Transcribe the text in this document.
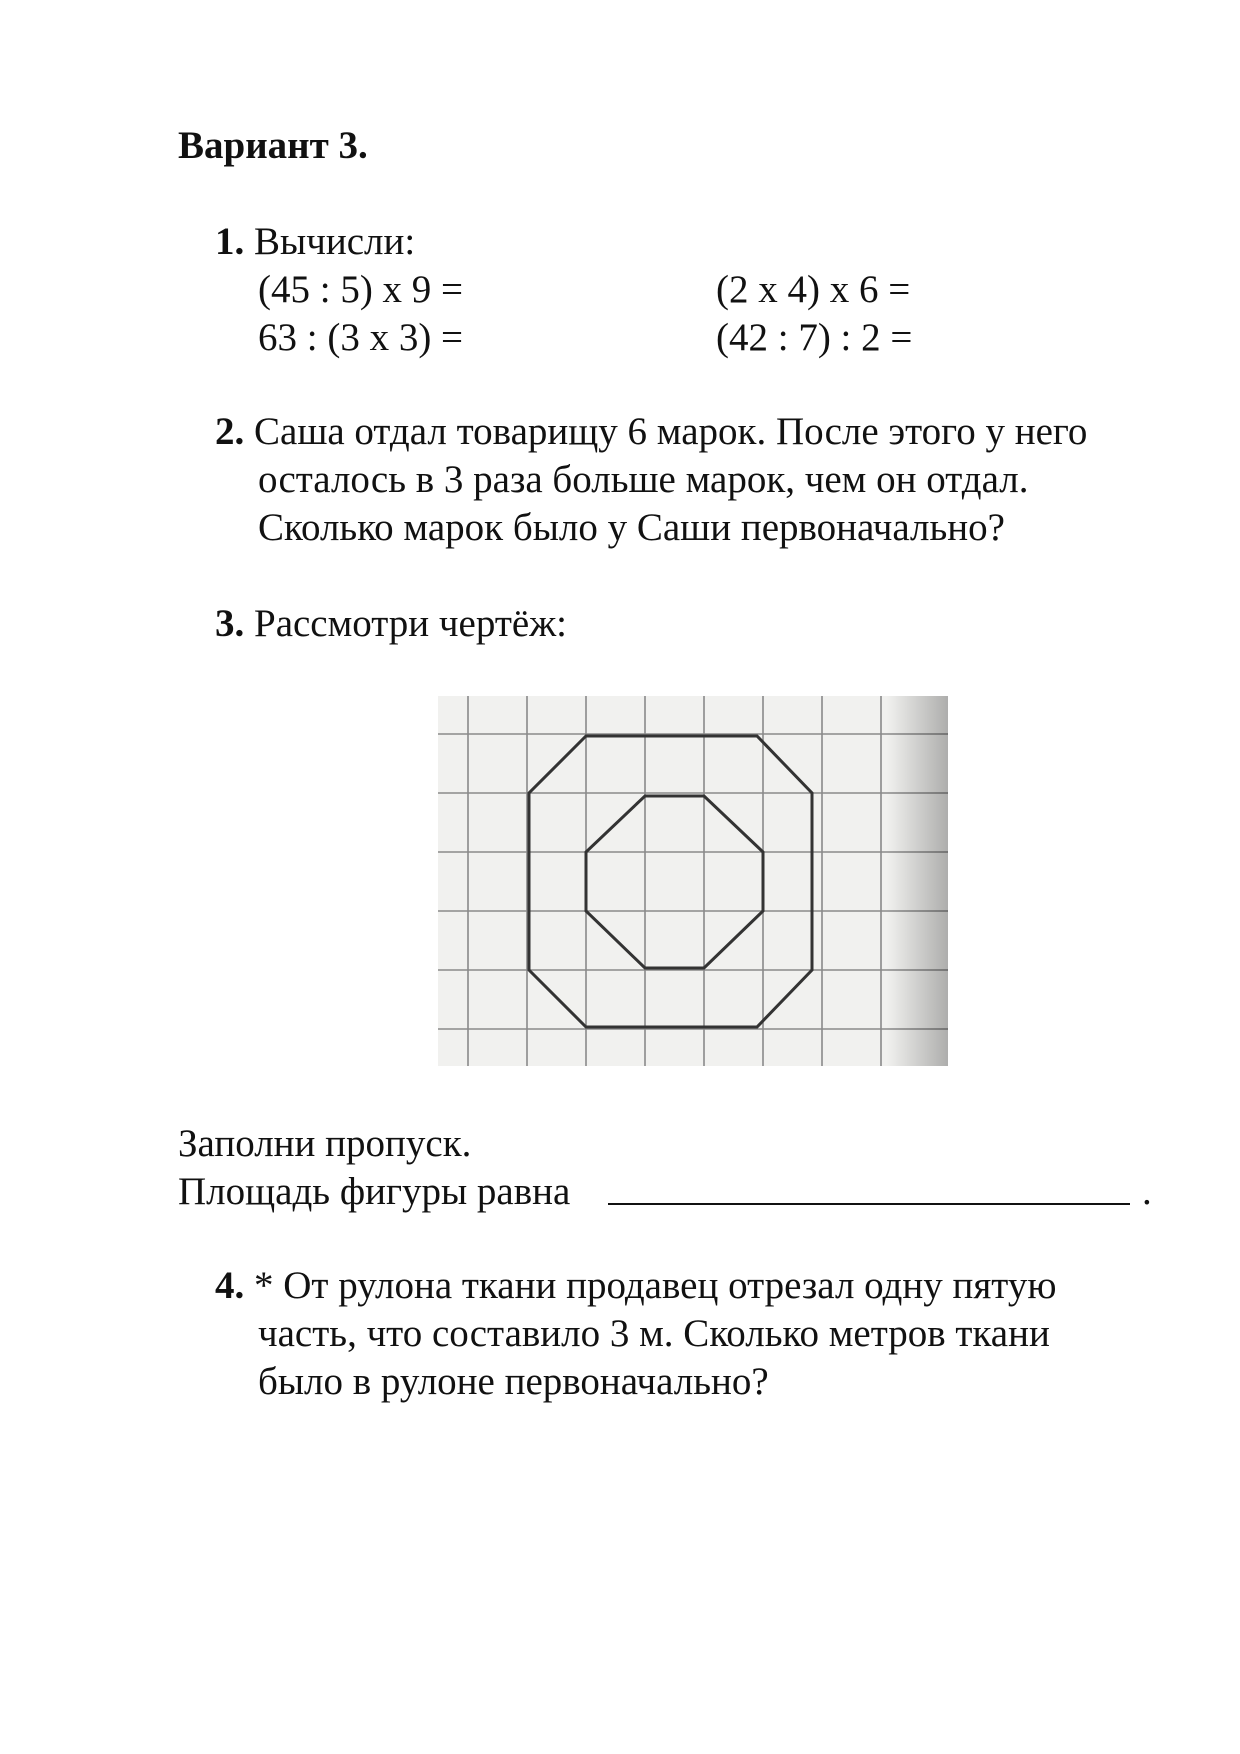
Вариант 3.
1. Вычисли:
(45 : 5) x 9 =	(2 x 4) x 6 =
63 : (3 x 3) =	(42 : 7) : 2 =
2. Саша отдал товарищу 6 марок. После этого у него
осталось в 3 раза больше марок, чем он отдал.
Сколько марок было у Саши первоначально?
3. Рассмотри чертёж:
Заполни пропуск.
Площадь фигуры равна	.
4. * От рулона ткани продавец отрезал одну пятую
часть, что составило 3 м. Сколько метров ткани
было в рулоне первоначально?
